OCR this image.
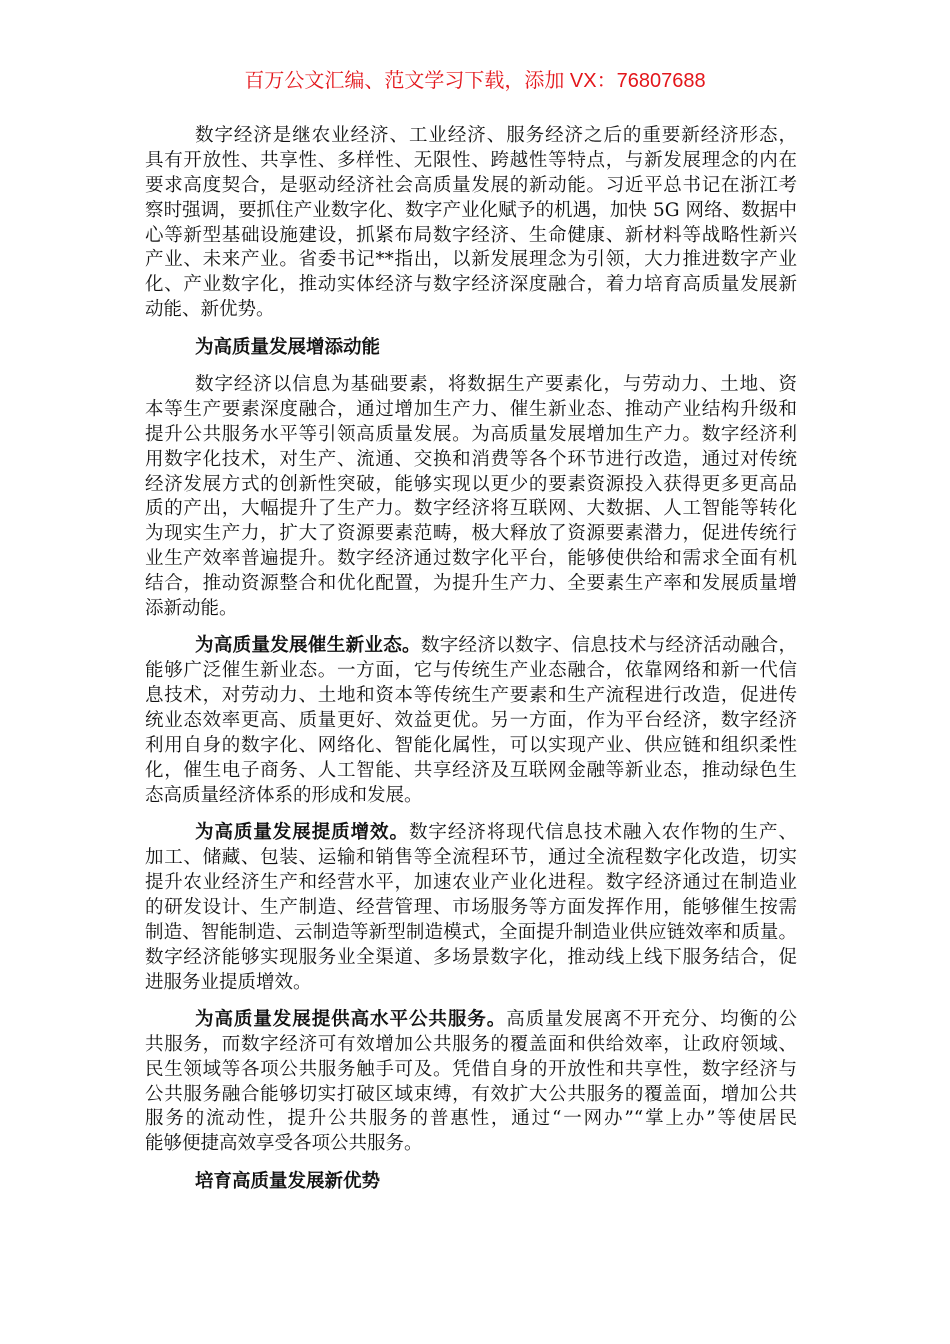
百万公文汇编、范文学习下载，添加 VX：76807688
数字经济是继农业经济、工业经济、服务经济之后的重要新经济形态，
具有开放性、共享性、多样性、无限性、跨越性等特点，与新发展理念的内在
要求高度契合，是驱动经济社会高质量发展的新动能。习近平总书记在浙江考
察时强调，要抓住产业数字化、数字产业化赋予的机遇，加快 5G 网络、数据中
心等新型基础设施建设，抓紧布局数字经济、生命健康、新材料等战略性新兴
产业、未来产业。省委书记**指出，以新发展理念为引领，大力推进数字产业
化、产业数字化，推动实体经济与数字经济深度融合，着力培育高质量发展新
动能、新优势。
为高质量发展增添动能
数字经济以信息为基础要素，将数据生产要素化，与劳动力、土地、资
本等生产要素深度融合，通过增加生产力、催生新业态、推动产业结构升级和
提升公共服务水平等引领高质量发展。为高质量发展增加生产力。数字经济利
用数字化技术，对生产、流通、交换和消费等各个环节进行改造，通过对传统
经济发展方式的创新性突破，能够实现以更少的要素资源投入获得更多更高品
质的产出，大幅提升了生产力。数字经济将互联网、大数据、人工智能等转化
为现实生产力，扩大了资源要素范畴，极大释放了资源要素潜力，促进传统行
业生产效率普遍提升。数字经济通过数字化平台，能够使供给和需求全面有机
结合，推动资源整合和优化配置，为提升生产力、全要素生产率和发展质量增
添新动能。
为高质量发展催生新业态。数字经济以数字、信息技术与经济活动融合，
能够广泛催生新业态。一方面，它与传统生产业态融合，依靠网络和新一代信
息技术，对劳动力、土地和资本等传统生产要素和生产流程进行改造，促进传
统业态效率更高、质量更好、效益更优。另一方面，作为平台经济，数字经济
利用自身的数字化、网络化、智能化属性，可以实现产业、供应链和组织柔性
化，催生电子商务、人工智能、共享经济及互联网金融等新业态，推动绿色生
态高质量经济体系的形成和发展。
为高质量发展提质增效。数字经济将现代信息技术融入农作物的生产、
加工、储藏、包装、运输和销售等全流程环节，通过全流程数字化改造，切实
提升农业经济生产和经营水平，加速农业产业化进程。数字经济通过在制造业
的研发设计、生产制造、经营管理、市场服务等方面发挥作用，能够催生按需
制造、智能制造、云制造等新型制造模式，全面提升制造业供应链效率和质量。
数字经济能够实现服务业全渠道、多场景数字化，推动线上线下服务结合，促
进服务业提质增效。
为高质量发展提供高水平公共服务。高质量发展离不开充分、均衡的公
共服务，而数字经济可有效增加公共服务的覆盖面和供给效率，让政府领域、
民生领域等各项公共服务触手可及。凭借自身的开放性和共享性，数字经济与
公共服务融合能够切实打破区域束缚，有效扩大公共服务的覆盖面，增加公共
服务的流动性，提升公共服务的普惠性，通过“一网办”“掌上办”等使居民
能够便捷高效享受各项公共服务。
培育高质量发展新优势
